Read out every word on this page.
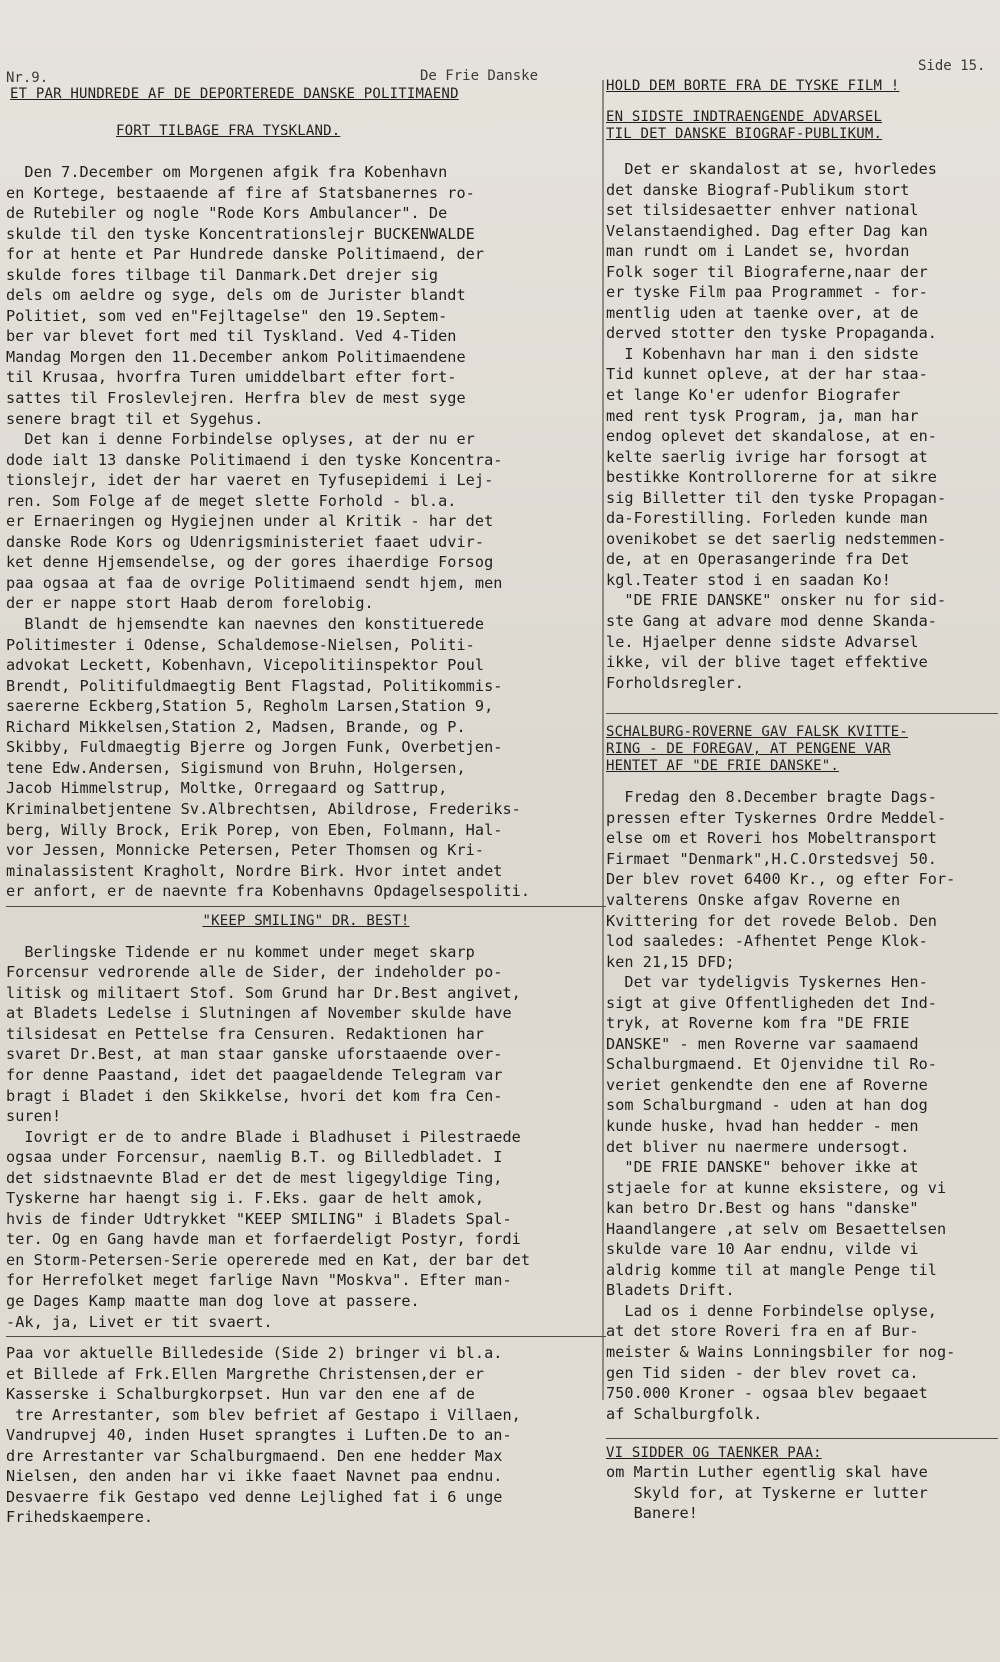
Nr.9.	De Frie Danske
Side 15.
ET PAR HUNDREDE AF DE DEPORTEREDE DANSKE POLITIMAEND
FORT TILBAGE FRA TYSKLAND.

Den 7.December om Morgenen afgik fra Kobenhavn
en Kortege, bestaaende af fire af Statsbanernes ro-
de Rutebiler og nogle "Rode Kors Ambulancer". De
skulde til den tyske Koncentrationslejr BUCKENWALDE
for at hente et Par Hundrede danske Politimaend, der
skulde fores tilbage til Danmark.Det drejer sig
dels om aeldre og syge, dels om de Jurister blandt
Politiet, som ved en"Fejltagelse" den 19.Septem-
ber var blevet fort med til Tyskland. Ved 4-Tiden
Mandag Morgen den 11.December ankom Politimaendene
til Krusaa, hvorfra Turen umiddelbart efter fort-
sattes til Froslevlejren. Herfra blev de mest syge
senere bragt til et Sygehus.
Det kan i denne Forbindelse oplyses, at der nu er
dode ialt 13 danske Politimaend i den tyske Koncentra-
tionslejr, idet der har vaeret en Tyfusepidemi i Lej-
ren. Som Folge af de meget slette Forhold - bl.a.
er Ernaeringen og Hygiejnen under al Kritik - har det
danske Rode Kors og Udenrigsministeriet faaet udvir-
ket denne Hjemsendelse, og der gores ihaerdige Forsog
paa ogsaa at faa de ovrige Politimaend sendt hjem, men
der er nappe stort Haab derom forelobig.
Blandt de hjemsendte kan naevnes den konstituerede
Politimester i Odense, Schaldemose-Nielsen, Politi-
advokat Leckett, Kobenhavn, Vicepolitiinspektor Poul
Brendt, Politifuldmaegtig Bent Flagstad, Politikommis-
saererne Eckberg,Station 5, Regholm Larsen,Station 9,
Richard Mikkelsen,Station 2, Madsen, Brande, og P.
Skibby, Fuldmaegtig Bjerre og Jorgen Funk, Overbetjen-
tene Edw.Andersen, Sigismund von Bruhn, Holgersen,
Jacob Himmelstrup, Moltke, Orregaard og Sattrup,
Kriminalbetjentene Sv.Albrechtsen, Abildrose, Frederiks-
berg, Willy Brock, Erik Porep, von Eben, Folmann, Hal-
vor Jessen, Monnicke Petersen, Peter Thomsen og Kri-
minalassistent Kragholt, Nordre Birk. Hvor intet andet
er anfort, er de naevnte fra Kobenhavns Opdagelsespoliti.

"KEEP SMILING" DR. BEST!

Berlingske Tidende er nu kommet under meget skarp
Forcensur vedrorende alle de Sider, der indeholder po-
litisk og militaert Stof. Som Grund har Dr.Best angivet,
at Bladets Ledelse i Slutningen af November skulde have
tilsidesat en Pettelse fra Censuren. Redaktionen har
svaret Dr.Best, at man staar ganske uforstaaende over-
for denne Paastand, idet det paagaeldende Telegram var
bragt i Bladet i den Skikkelse, hvori det kom fra Cen-
suren!
Iovrigt er de to andre Blade i Bladhuset i Pilestraede
ogsaa under Forcensur, naemlig B.T. og Billedbladet. I
det sidstnaevnte Blad er det de mest ligegyldige Ting,
Tyskerne har haengt sig i. F.Eks. gaar de helt amok,
hvis de finder Udtrykket "KEEP SMILING" i Bladets Spal-
ter. Og en Gang havde man et forfaerdeligt Postyr, fordi
en Storm-Petersen-Serie opererede med en Kat, der bar det
for Herrefolket meget farlige Navn "Moskva". Efter man-
ge Dages Kamp maatte man dog love at passere.
-Ak, ja, Livet er tit svaert.

Paa vor aktuelle Billedeside (Side 2) bringer vi bl.a.
et Billede af Frk.Ellen Margrethe Christensen,der er
Kasserske i Schalburgkorpset. Hun var den ene af de
tre Arrestanter, som blev befriet af Gestapo i Villaen,
Vandrupvej 40, inden Huset sprangtes i Luften.De to an-
dre Arrestanter var Schalburgmaend. Den ene hedder Max
Nielsen, den anden har vi ikke faaet Navnet paa endnu.
Desvaerre fik Gestapo ved denne Lejlighed fat i 6 unge
Frihedskaempere.

HOLD DEM BORTE FRA DE TYSKE FILM !
EN SIDSTE INDTRAENGENDE ADVARSEL
TIL DET DANSKE BIOGRAF-PUBLIKUM.

Det er skandalost at se, hvorledes
det danske Biograf-Publikum stort
set tilsidesaetter enhver national
Velanstaendighed. Dag efter Dag kan
man rundt om i Landet se, hvordan
Folk soger til Biograferne,naar der
er tyske Film paa Programmet - for-
mentlig uden at taenke over, at de
derved stotter den tyske Propaganda.
I Kobenhavn har man i den sidste
Tid kunnet opleve, at der har staa-
et lange Ko'er udenfor Biografer
med rent tysk Program, ja, man har
endog oplevet det skandalose, at en-
kelte saerlig ivrige har forsogt at
bestikke Kontrollorerne for at sikre
sig Billetter til den tyske Propagan-
da-Forestilling. Forleden kunde man
ovenikobet se det saerlig nedstemmen-
de, at en Operasangerinde fra Det
kgl.Teater stod i en saadan Ko!
"DE FRIE DANSKE" onsker nu for sid-
ste Gang at advare mod denne Skanda-
le. Hjaelper denne sidste Advarsel
ikke, vil der blive taget effektive
Forholdsregler.

SCHALBURG-ROVERNE GAV FALSK KVITTE-
RING - DE FOREGAV, AT PENGENE VAR
HENTET AF "DE FRIE DANSKE".

Fredag den 8.December bragte Dags-
pressen efter Tyskernes Ordre Meddel-
else om et Roveri hos Mobeltransport
Firmaet "Denmark",H.C.Orstedsvej 50.
Der blev rovet 6400 Kr., og efter For-
valterens Onske afgav Roverne en
Kvittering for det rovede Belob. Den
lod saaledes: -Afhentet Penge Klok-
ken 21,15 DFD;
Det var tydeligvis Tyskernes Hen-
sigt at give Offentligheden det Ind-
tryk, at Roverne kom fra "DE FRIE
DANSKE" - men Roverne var saamaend
Schalburgmaend. Et Ojenvidne til Ro-
veriet genkendte den ene af Roverne
som Schalburgmand - uden at han dog
kunde huske, hvad han hedder - men
det bliver nu naermere undersogt.
"DE FRIE DANSKE" behover ikke at
stjaele for at kunne eksistere, og vi
kan betro Dr.Best og hans "danske"
Haandlangere ,at selv om Besaettelsen
skulde vare 10 Aar endnu, vilde vi
aldrig komme til at mangle Penge til
Bladets Drift.
Lad os i denne Forbindelse oplyse,
at det store Roveri fra en af Bur-
meister & Wains Lonningsbiler for nog-
gen Tid siden - der blev rovet ca.
750.000 Kroner - ogsaa blev begaaet
af Schalburgfolk.

VI SIDDER OG TAENKER PAA:

om Martin Luther egentlig skal have
Skyld for, at Tyskerne er lutter
Banere!
